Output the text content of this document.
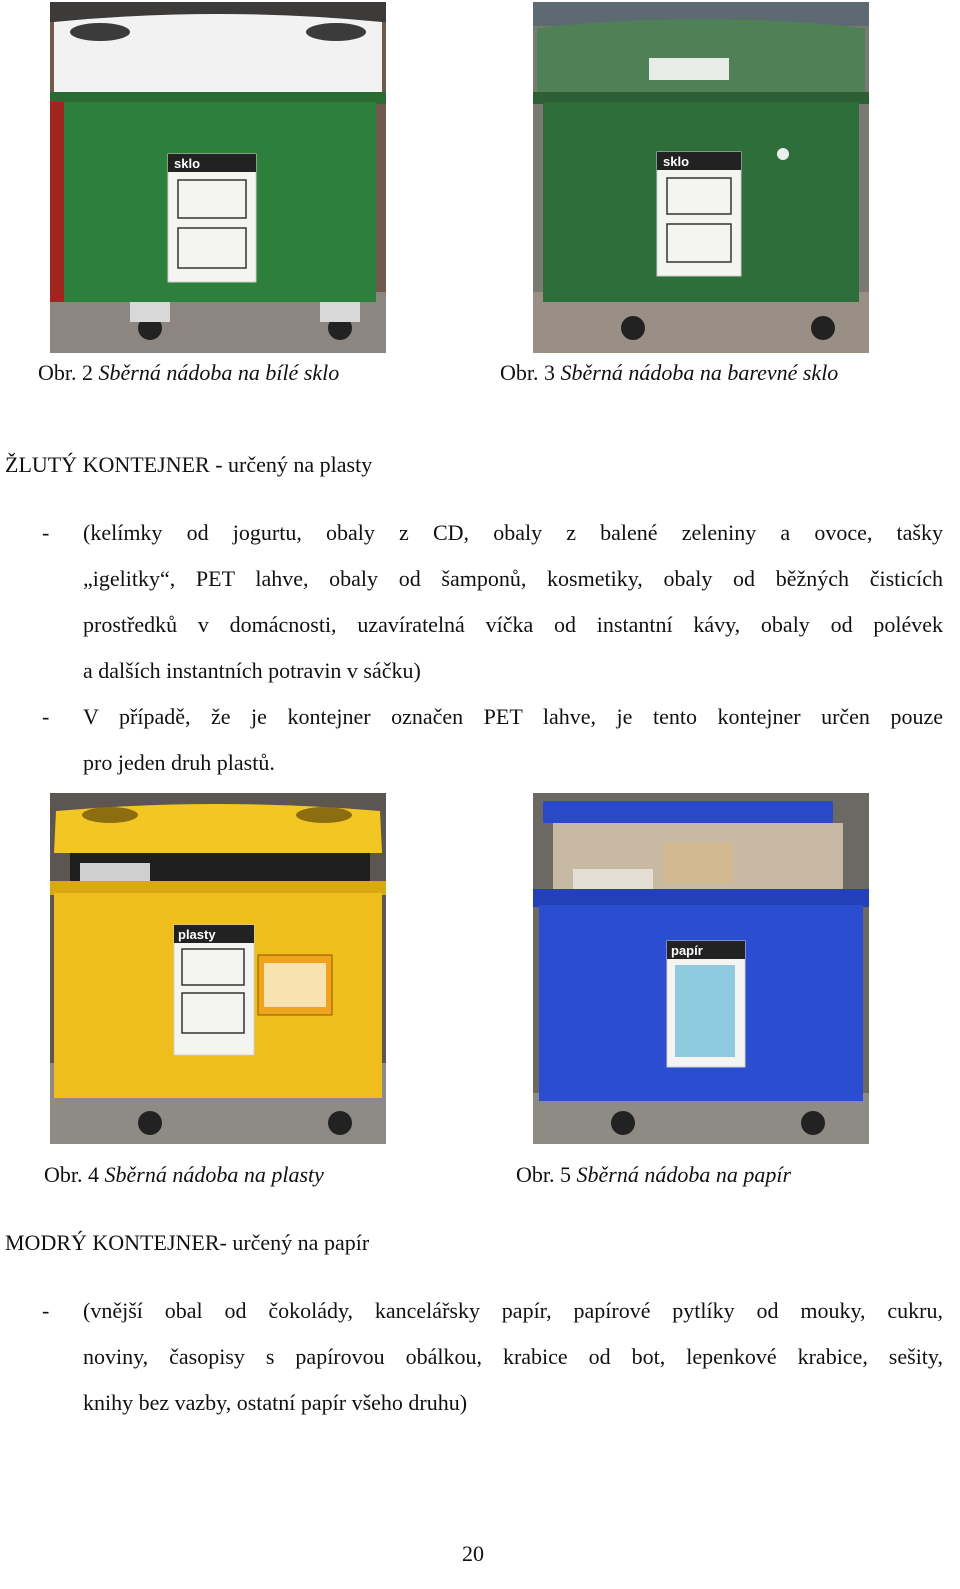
sklo	sklo
Obr. 2 Sběrná nádoba na bílé sklo	Obr. 3 Sběrná nádoba na barevné sklo
ŽLUTÝ KONTEJNER - určený na plasty
- (kelímky od jogurtu, obaly z CD, obaly z balené zeleniny a ovoce, tašky
„igelitky“, PET lahve, obaly od šamponů, kosmetiky, obaly od běžných čisticích
prostředků v domácnosti, uzavíratelná víčka od instantní kávy, obaly od polévek
a dalších instantních potravin v sáčku)
- V případě, že je kontejner označen PET lahve, je tento kontejner určen pouze
pro jeden druh plastů.
plasty
papír
Obr. 4 Sběrná nádoba na plasty	Obr. 5 Sběrná nádoba na papír
MODRÝ KONTEJNER- určený na papír
- (vnější obal od čokolády, kancelářsky papír, papírové pytlíky od mouky, cukru,
noviny, časopisy s papírovou obálkou, krabice od bot, lepenkové krabice, sešity,
knihy bez vazby, ostatní papír všeho druhu)
20
